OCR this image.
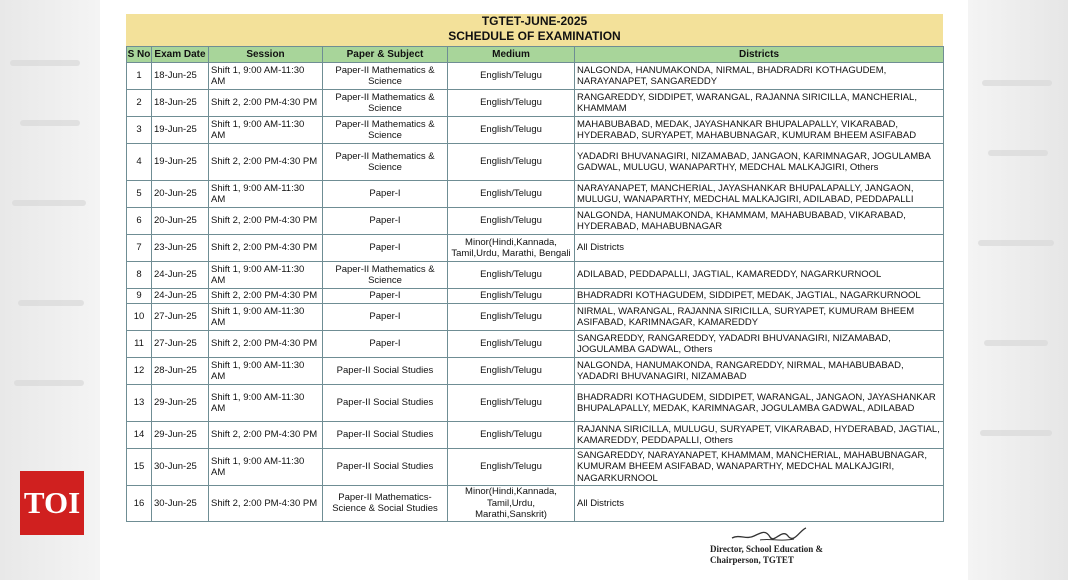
TGTET-JUNE-2025
SCHEDULE OF EXAMINATION
S No	Exam Date	Session	Paper & Subject	Medium	Districts
1	18-Jun-25	Shift 1, 9:00 AM-11:30 AM	Paper-II Mathematics & Science	English/Telugu	NALGONDA, HANUMAKONDA, NIRMAL, BHADRADRI KOTHAGUDEM, NARAYANAPET, SANGAREDDY
2	18-Jun-25	Shift 2, 2:00 PM-4:30 PM	Paper-II Mathematics & Science	English/Telugu	RANGAREDDY, SIDDIPET, WARANGAL, RAJANNA SIRICILLA, MANCHERIAL, KHAMMAM
3	19-Jun-25	Shift 1, 9:00 AM-11:30 AM	Paper-II Mathematics & Science	English/Telugu	MAHABUBABAD, MEDAK, JAYASHANKAR BHUPALAPALLY, VIKARABAD, HYDERABAD, SURYAPET, MAHABUBNAGAR, KUMURAM BHEEM ASIFABAD
4	19-Jun-25	Shift 2, 2:00 PM-4:30 PM	Paper-II Mathematics & Science	English/Telugu	YADADRI BHUVANAGIRI, NIZAMABAD, JANGAON, KARIMNAGAR, JOGULAMBA GADWAL, MULUGU, WANAPARTHY, MEDCHAL MALKAJGIRI, Others
5	20-Jun-25	Shift 1, 9:00 AM-11:30 AM	Paper-I	English/Telugu	NARAYANAPET, MANCHERIAL, JAYASHANKAR BHUPALAPALLY, JANGAON, MULUGU, WANAPARTHY, MEDCHAL MALKAJGIRI, ADILABAD, PEDDAPALLI
6	20-Jun-25	Shift 2, 2:00 PM-4:30 PM	Paper-I	English/Telugu	NALGONDA, HANUMAKONDA, KHAMMAM, MAHABUBABAD, VIKARABAD, HYDERABAD, MAHABUBNAGAR
7	23-Jun-25	Shift 2, 2:00 PM-4:30 PM	Paper-I	Minor(Hindi,Kannada, Tamil,Urdu, Marathi, Bengali	All Districts
8	24-Jun-25	Shift 1, 9:00 AM-11:30 AM	Paper-II Mathematics & Science	English/Telugu	ADILABAD, PEDDAPALLI, JAGTIAL, KAMAREDDY, NAGARKURNOOL
9	24-Jun-25	Shift 2, 2:00 PM-4:30 PM	Paper-I	English/Telugu	BHADRADRI KOTHAGUDEM, SIDDIPET, MEDAK, JAGTIAL, NAGARKURNOOL
10	27-Jun-25	Shift 1, 9:00 AM-11:30 AM	Paper-I	English/Telugu	NIRMAL, WARANGAL, RAJANNA SIRICILLA, SURYAPET, KUMURAM BHEEM ASIFABAD, KARIMNAGAR, KAMAREDDY
11	27-Jun-25	Shift 2, 2:00 PM-4:30 PM	Paper-I	English/Telugu	SANGAREDDY, RANGAREDDY, YADADRI BHUVANAGIRI, NIZAMABAD, JOGULAMBA GADWAL, Others
12	28-Jun-25	Shift 1, 9:00 AM-11:30 AM	Paper-II Social Studies	English/Telugu	NALGONDA, HANUMAKONDA, RANGAREDDY, NIRMAL, MAHABUBABAD, YADADRI BHUVANAGIRI, NIZAMABAD
13	29-Jun-25	Shift 1, 9:00 AM-11:30 AM	Paper-II Social Studies	English/Telugu	BHADRADRI KOTHAGUDEM, SIDDIPET, WARANGAL, JANGAON, JAYASHANKAR BHUPALAPALLY, MEDAK, KARIMNAGAR, JOGULAMBA GADWAL, ADILABAD
14	29-Jun-25	Shift 2, 2:00 PM-4:30 PM	Paper-II Social Studies	English/Telugu	RAJANNA SIRICILLA, MULUGU, SURYAPET, VIKARABAD, HYDERABAD, JAGTIAL, KAMAREDDY, PEDDAPALLI, Others
15	30-Jun-25	Shift 1, 9:00 AM-11:30 AM	Paper-II Social Studies	English/Telugu	SANGAREDDY, NARAYANAPET, KHAMMAM, MANCHERIAL, MAHABUBNAGAR, KUMURAM BHEEM ASIFABAD, WANAPARTHY, MEDCHAL MALKAJGIRI, NAGARKURNOOL
16	30-Jun-25	Shift 2, 2:00 PM-4:30 PM	Paper-II Mathematics- Science & Social Studies	Minor(Hindi,Kannada, Tamil,Urdu, Marathi,Sanskrit)	All Districts
Director, School Education &
Chairperson, TGTET
TOI
